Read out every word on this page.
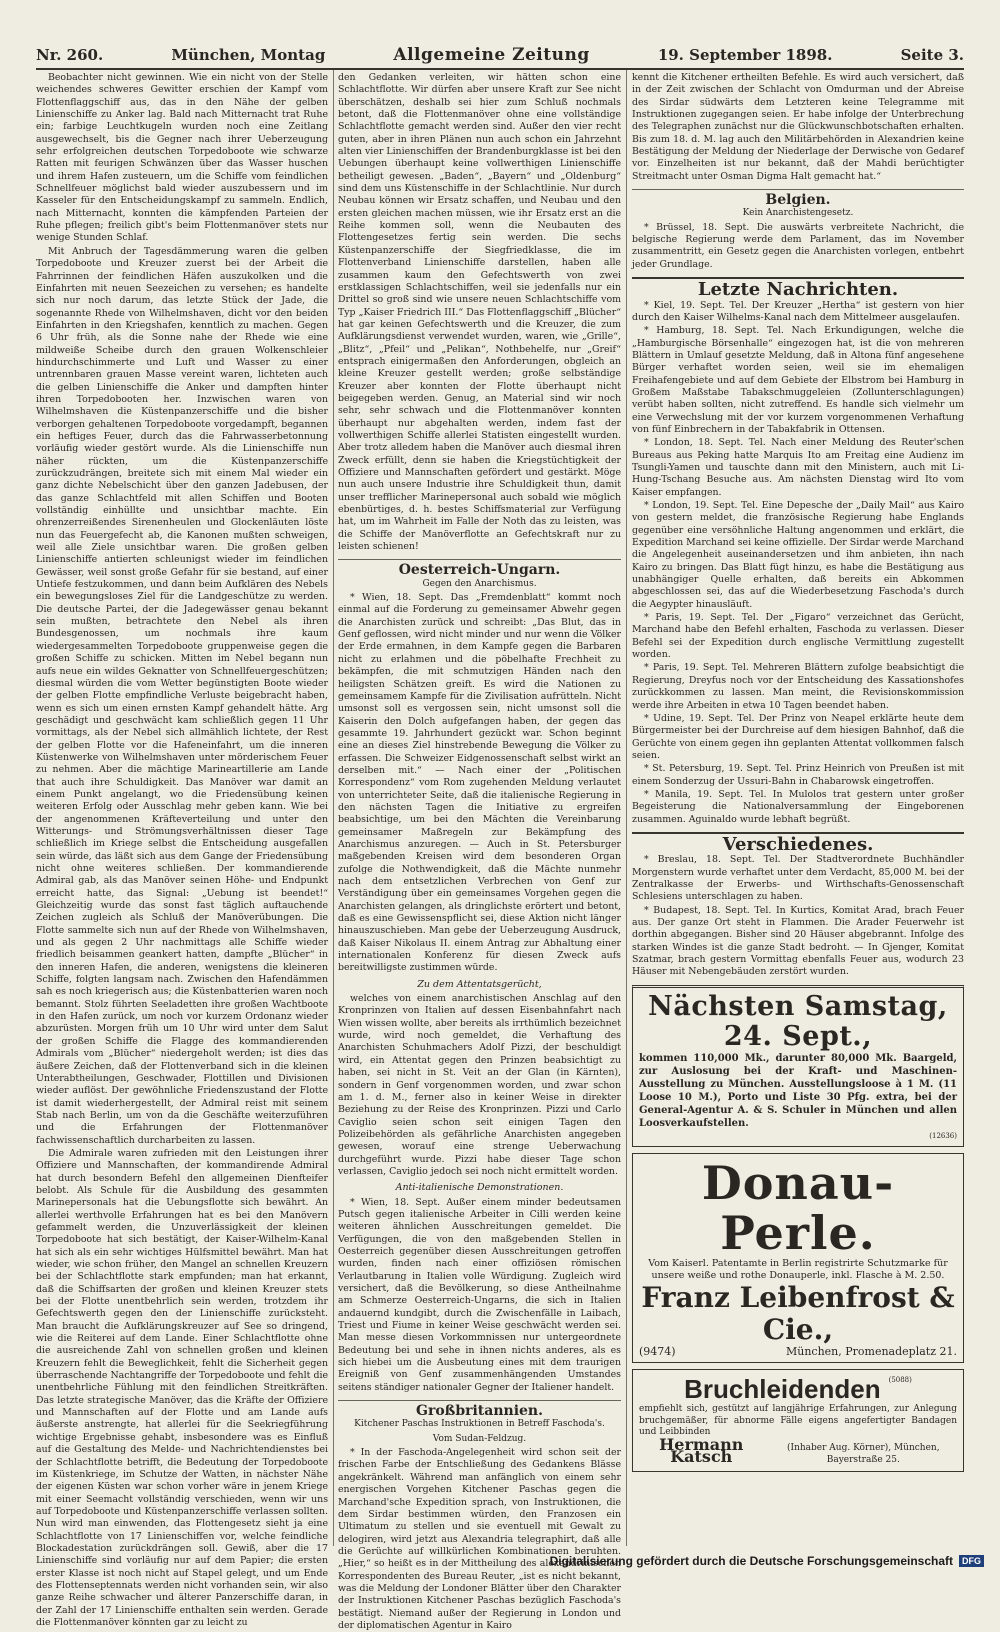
Nr. 260.	München, Montag	Allgemeine Zeitung	19. September 1898.	Seite 3.

Beobachter nicht gewinnen. Wie ein nicht von der Stelle weichendes schweres Gewitter erschien der Kampf vom Flottenflaggschiff aus, das in den Nähe der gelben Linienschiffe zu Anker lag. Bald nach Mitternacht trat Ruhe ein; farbige Leuchtkugeln wurden noch eine Zeitlang ausgewechselt, bis die Gegner nach ihrer Ueberzeugung sehr erfolgreichen deutschen Torpedoboote wie schwarze Ratten mit feurigen Schwänzen über das Wasser huschen und ihrem Hafen zusteuern, um die Schiffe vom feindlichen Schnellfeuer möglichst bald wieder auszubessern und im Kasseler für den Entscheidungskampf zu sammeln. Endlich, nach Mitternacht, konnten die kämpfenden Parteien der Ruhe pflegen; freilich gibt's beim Flottenmanöver stets nur wenige Stunden Schlaf.

Mit Anbruch der Tagesdämmerung waren die gelben Torpedoboote und Kreuzer zuerst bei der Arbeit die Fahrrinnen der feindlichen Häfen auszukolken und die Einfahrten mit neuen Seezeichen zu versehen; es handelte sich nur noch darum, das letzte Stück der Jade, die sogenannte Rhede von Wilhelmshaven, dicht vor den beiden Einfahrten in den Kriegshafen, kenntlich zu machen. Gegen 6 Uhr früh, als die Sonne nahe der Rhede wie eine mildweiße Scheibe durch den grauen Wolkenschleier hindurchschimmerte und Luft und Wasser zu einer untrennbaren grauen Masse vereint waren, lichteten auch die gelben Linienschiffe die Anker und dampften hinter ihren Torpedobooten her. Inzwischen waren von Wilhelmshaven die Küstenpanzerschiffe und die bisher verborgen gehaltenen Torpedoboote vorgedampft, begannen ein heftiges Feuer, durch das die Fahrwasserbetonnung vorläufig wieder gestört wurde. Als die Linienschiffe nun näher rückten, um die Küstenpanzerschiffe zurückzudrängen, breitete sich mit einem Mal wieder ein ganz dichte Nebelschicht über den ganzen Jadebusen, der das ganze Schlachtfeld mit allen Schiffen und Booten vollständig einhüllte und unsichtbar machte. Ein ohrenzerreißendes Sirenenheulen und Glockenläuten löste nun das Feuergefecht ab, die Kanonen mußten schweigen, weil alle Ziele unsichtbar waren. Die großen gelben Linienschiffe antierten schleunigst wieder im feindlichen Gewässer, weil sonst große Gefahr für sie bestand, auf einer Untiefe festzukommen, und dann beim Aufklären des Nebels ein bewegungsloses Ziel für die Landgeschütze zu werden. Die deutsche Partei, der die Jadegewässer genau bekannt sein mußten, betrachtete den Nebel als ihren Bundesgenossen, um nochmals ihre kaum wiedergesammelten Torpedoboote gruppenweise gegen die großen Schiffe zu schicken. Mitten im Nebel begann nun aufs neue ein wildes Geknatter von Schnellfeuergeschützen; diesmal würden die vom Wetter begünstigten Boote wieder der gelben Flotte empfindliche Verluste beigebracht haben, wenn es sich um einen ernsten Kampf gehandelt hätte. Arg geschädigt und geschwächt kam schließlich gegen 11 Uhr vormittags, als der Nebel sich allmählich lichtete, der Rest der gelben Flotte vor die Hafeneinfahrt, um die inneren Küstenwerke von Wilhelmshaven unter mörderischem Feuer zu nehmen. Aber die mächtige Marineartillerie am Lande that auch ihre Schuldigkeit. Das Manöver war damit an einem Punkt angelangt, wo die Friedensübung keinen weiteren Erfolg oder Ausschlag mehr geben kann. Wie bei der angenommenen Kräfteverteilung und unter den Witterungs- und Strömungsverhältnissen dieser Tage schließlich im Kriege selbst die Entscheidung ausgefallen sein würde, das läßt sich aus dem Gange der Friedensübung nicht ohne weiteres schließen. Der kommandierende Admiral gab, als das Manöver seinen Höhe- und Endpunkt erreicht hatte, das Signal: „Uebung ist beendet!“ Gleichzeitig wurde das sonst fast täglich auftauchende Zeichen zugleich als Schluß der Manöverübungen. Die Flotte sammelte sich nun auf der Rhede von Wilhelmshaven, und als gegen 2 Uhr nachmittags alle Schiffe wieder friedlich beisammen geankert hatten, dampfte „Blücher“ in den inneren Hafen, die anderen, wenigstens die kleineren Schiffe, folgten langsam nach. Zwischen den Hafendämmen sah es noch kriegerisch aus; die Küstenbatterien waren noch bemannt. Stolz führten Seeladetten ihre großen Wachtboote in den Hafen zurück, um noch vor kurzem Ordonanz wieder abzurüsten. Morgen früh um 10 Uhr wird unter dem Salut der großen Schiffe die Flagge des kommandierenden Admirals vom „Blücher“ niedergeholt werden; ist dies das äußere Zeichen, daß der Flottenverband sich in die kleinen Unterabtheilungen, Geschwader, Flottillen und Divisionen wieder auflöst. Der gewöhnliche Friedenszustand der Flotte ist damit wiederhergestellt, der Admiral reist mit seinem Stab nach Berlin, um von da die Geschäfte weiterzuführen und die Erfahrungen der Flottenmanöver fachwissenschaftlich durcharbeiten zu lassen.

Die Admirale waren zufrieden mit den Leistungen ihrer Offiziere und Mannschaften, der kommandirende Admiral hat durch besondern Befehl den allgemeinen Dienfteifer belobt. Als Schule für die Ausbildung des gesammten Marinepersonals hat die Uebungsflotte sich bewährt. An allerlei werthvolle Erfahrungen hat es bei den Manövern gefammelt werden, die Unzuverlässigkeit der kleinen Torpedoboote hat sich bestätigt, der Kaiser-Wilhelm-Kanal hat sich als ein sehr wichtiges Hülfsmittel bewährt. Man hat wieder, wie schon früher, den Mangel an schnellen Kreuzern bei der Schlachtflotte stark empfunden; man hat erkannt, daß die Schiffsarten der großen und kleinen Kreuzer stets bei der Flotte unentbehrlich sein werden, trotzdem ihr Gefechtswerth gegen den der Linienschiffe zurücksteht. Man braucht die Aufklärungskreuzer auf See so dringend, wie die Reiterei auf dem Lande. Einer Schlachtflotte ohne die ausreichende Zahl von schnellen großen und kleinen Kreuzern fehlt die Beweglichkeit, fehlt die Sicherheit gegen überraschende Nachtangriffe der Torpedoboote und fehlt die unentbehrliche Fühlung mit den feindlichen Streitkräften. Das letzte strategische Manöver, das die Kräfte der Offiziere und Mannschaften auf der Flotte und am Lande aufs äußerste anstrengte, hat allerlei für die Seekriegführung wichtige Ergebnisse gehabt, insbesondere was es Einfluß auf die Gestaltung des Melde- und Nachrichtendienstes bei der Schlachtflotte betrifft, die Bedeutung der Torpedoboote im Küstenkriege, im Schutze der Watten, in nächster Nähe der eigenen Küsten war schon vorher wäre in jenem Kriege mit einer Seemacht vollständig verschieden, wenn wir uns auf Torpedoboote und Küstenpanzerschiffe verlassen sollten. Nun wird man einwenden, das Flottengesetz sieht ja eine Schlachtflotte von 17 Linienschiffen vor, welche feindliche Blockadestation zurückdrängen soll. Gewiß, aber die 17 Linienschiffe sind vorläufig nur auf dem Papier; die ersten erster Klasse ist noch nicht auf Stapel gelegt, und um Ende des Flottenseptennats werden nicht vorhanden sein, wir also ganze Reihe schwacher und älterer Panzerschiffe daran, in der Zahl der 17 Linienschiffe enthalten sein werden. Gerade die Flottenmanöver könnten gar zu leicht zu

den Gedanken verleiten, wir hätten schon eine Schlachtflotte. Wir dürfen aber unsere Kraft zur See nicht überschätzen, deshalb sei hier zum Schluß nochmals betont, daß die Flottenmanöver ohne eine vollständige Schlachtflotte gemacht werden sind. Außer den vier recht guten, aber in ihren Plänen nun auch schon ein Jahrzehnt alten vier Linienschiffen der Brandenburgklasse ist bei den Uebungen überhaupt keine vollwerthigen Linienschiffe betheiligt gewesen. „Baden“, „Bayern“ und „Oldenburg“ sind dem uns Küstenschiffe in der Schlachtlinie. Nur durch Neubau können wir Ersatz schaffen, und Neubau und den ersten gleichen machen müssen, wie ihr Ersatz erst an die Reihe kommen soll, wenn die Neubauten des Flottengesetzes fertig sein werden. Die sechs Küstenpanzerschiffe der Siegfriedklasse, die im Flottenverband Linienschiffe darstellen, haben alle zusammen kaum den Gefechtswerth von zwei erstklassigen Schlachtschiffen, weil sie jedenfalls nur ein Drittel so groß sind wie unsere neuen Schlachtschiffe vom Typ „Kaiser Friedrich III.“ Das Flottenflaggschiff „Blücher“ hat gar keinen Gefechtswerth und die Kreuzer, die zum Aufklärungsdienst verwendet wurden, waren, wie „Grille“, „Blitz“, „Pfeil“ und „Pelikan“, Nothbehelfe, nur „Greif“ entsprach einigermaßen den Anforderungen, obgleich an kleine Kreuzer gestellt werden; große selbständige Kreuzer aber konnten der Flotte überhaupt nicht beigegeben werden. Genug, an Material sind wir noch sehr, sehr schwach und die Flottenmanöver konnten überhaupt nur abgehalten werden, indem fast der vollwerthigen Schiffe allerlei Statisten eingestellt wurden. Aber trotz alledem haben die Manöver auch diesmal ihren Zweck erfüllt, denn sie haben die Kriegstüchtigkeit der Offiziere und Mannschaften gefördert und gestärkt. Möge nun auch unsere Industrie ihre Schuldigkeit thun, damit unser trefflicher Marinepersonal auch sobald wie möglich ebenbürtiges, d. h. bestes Schiffsmaterial zur Verfügung hat, um im Wahrheit im Falle der Noth das zu leisten, was die Schiffe der Manöverflotte an Gefechtskraft nur zu leisten schienen!

Oesterreich-Ungarn.
Gegen den Anarchismus.

* Wien, 18. Sept. Das „Fremdenblatt“ kommt noch einmal auf die Forderung zu gemeinsamer Abwehr gegen die Anarchisten zurück und schreibt: „Das Blut, das in Genf geflossen, wird nicht minder und nur wenn die Völker der Erde ermahnen, in dem Kampfe gegen die Barbaren nicht zu erlahmen und die pöbelhafte Frechheit zu bekämpfen, die mit schmutzigen Händen nach den heiligsten Schätzen greift. Es wird die Nationen zu gemeinsamem Kampfe für die Zivilisation aufrütteln. Nicht umsonst soll es vergossen sein, nicht umsonst soll die Kaiserin den Dolch aufgefangen haben, der gegen das gesammte 19. Jahrhundert gezückt war. Schon beginnt eine an dieses Ziel hinstrebende Bewegung die Völker zu erfassen. Die Schweizer Eidgenossenschaft selbst wirkt an derselben mit.“ — Nach einer der „Politischen Korrespondenz“ vom Rom zugehenden Meldung verlautet von unterrichteter Seite, daß die italienische Regierung in den nächsten Tagen die Initiative zu ergreifen beabsichtige, um bei den Mächten die Vereinbarung gemeinsamer Maßregeln zur Bekämpfung des Anarchismus anzuregen. — Auch in St. Petersburger maßgebenden Kreisen wird dem besonderen Organ zufolge die Nothwendigkeit, daß die Mächte nunmehr nach dem entsetzlichen Verbrechen von Genf zur Verständigung über ein gemeinsames Vorgehen gegen die Anarchisten gelangen, als dringlichste erörtert und betont, daß es eine Gewissenspflicht sei, diese Aktion nicht länger hinauszuschieben. Man gebe der Ueberzeugung Ausdruck, daß Kaiser Nikolaus II. einem Antrag zur Abhaltung einer internationalen Konferenz für diesen Zweck aufs bereitwilligste zustimmen würde.

Zu dem Attentatsgerücht,

welches von einem anarchistischen Anschlag auf den Kronprinzen von Italien auf dessen Eisenbahnfahrt nach Wien wissen wollte, aber bereits als irrthümlich bezeichnet wurde, wird noch gemeldet, die Verhaftung des Anarchisten Schuhmachers Adolf Pizzi, der beschuldigt wird, ein Attentat gegen den Prinzen beabsichtigt zu haben, sei nicht in St. Veit an der Glan (in Kärnten), sondern in Genf vorgenommen worden, und zwar schon am 1. d. M., ferner also in keiner Weise in direkter Beziehung zu der Reise des Kronprinzen. Pizzi und Carlo Caviglio seien schon seit einigen Tagen den Polizeibehörden als gefährliche Anarchisten angegeben gewesen, worauf eine strenge Ueberwachung durchgeführt wurde. Pizzi habe dieser Tage schon verlassen, Caviglio jedoch sei noch nicht ermittelt worden.

Anti-italienische Demonstrationen.

* Wien, 18. Sept. Außer einem minder bedeutsamen Putsch gegen italienische Arbeiter in Cilli werden keine weiteren ähnlichen Ausschreitungen gemeldet. Die Verfügungen, die von den maßgebenden Stellen in Oesterreich gegenüber diesen Ausschreitungen getroffen wurden, finden nach einer offiziösen römischen Verlautbarung in Italien volle Würdigung. Zugleich wird versichert, daß die Bevölkerung, so diese Antheilnahme am Schmerze Oesterreich-Ungarns, die sich in Italien andauernd kundgibt, durch die Zwischenfälle in Laibach, Triest und Fiume in keiner Weise geschwächt werden sei. Man messe diesen Vorkommnissen nur untergeordnete Bedeutung bei und sehe in ihnen nichts anderes, als es sich hiebei um die Ausbeutung eines mit dem traurigen Ereigniß von Genf zusammenhängenden Umstandes seitens ständiger nationaler Gegner der Italiener handelt.

Großbritannien.
Kitchener Paschas Instruktionen in Betreff Faschoda's.
Vom Sudan-Feldzug.

* In der Faschoda-Angelegenheit wird schon seit der frischen Farbe der Entschließung des Gedankens Blässe angekränkelt. Während man anfänglich von einem sehr energischen Vorgehen Kitchener Paschas gegen die Marchand'sche Expedition sprach, von Instruktionen, die dem Sirdar bestimmen würden, den Franzosen ein Ultimatum zu stellen und sie eventuell mit Gewalt zu delogiren, wird jetzt aus Alexandria telegraphirt, daß alle die Gerüchte auf willkürlichen Kombinationen beruhten. „Hier,“ so heißt es in der Mittheilung des alexandrinischen Korrespondenten des Bureau Reuter, „ist es nicht bekannt, was die Meldung der Londoner Blätter über den Charakter der Instruktionen Kitchener Paschas bezüglich Faschoda's bestätigt. Niemand außer der Regierung in London und der diplomatischen Agentur in Kairo

kennt die Kitchener ertheilten Befehle. Es wird auch versichert, daß in der Zeit zwischen der Schlacht von Omdurman und der Abreise des Sirdar südwärts dem Letzteren keine Telegramme mit Instruktionen zugegangen seien. Er habe infolge der Unterbrechung des Telegraphen zunächst nur die Glückwunschbotschaften erhalten. Bis zum 18. d. M. lag auch den Militärbehörden in Alexandrien keine Bestätigung der Meldung der Niederlage der Derwische von Gedaref vor. Einzelheiten ist nur bekannt, daß der Mahdi berüchtigter Streitmacht unter Osman Digma Halt gemacht hat.“

Belgien.
Kein Anarchistengesetz.

* Brüssel, 18. Sept. Die auswärts verbreitete Nachricht, die belgische Regierung werde dem Parlament, das im November zusammentritt, ein Gesetz gegen die Anarchisten vorlegen, entbehrt jeder Grundlage.

Letzte Nachrichten.

* Kiel, 19. Sept. Tel. Der Kreuzer „Hertha“ ist gestern von hier durch den Kaiser Wilhelms-Kanal nach dem Mittelmeer ausgelaufen.

* Hamburg, 18. Sept. Tel. Nach Erkundigungen, welche die „Hamburgische Börsenhalle“ eingezogen hat, ist die von mehreren Blättern in Umlauf gesetzte Meldung, daß in Altona fünf angesehene Bürger verhaftet worden seien, weil sie im ehemaligen Freihafengebiete und auf dem Gebiete der Elbstrom bei Hamburg in Großem Maßstabe Tabakschmuggeleien (Zollunterschlagungen) verübt haben sollten, nicht zutreffend. Es handle sich vielmehr um eine Verwechslung mit der vor kurzem vorgenommenen Verhaftung von fünf Einbrechern in der Tabakfabrik in Ottensen.

* London, 18. Sept. Tel. Nach einer Meldung des Reuter'schen Bureaus aus Peking hatte Marquis Ito am Freitag eine Audienz im Tsungli-Yamen und tauschte dann mit den Ministern, auch mit Li-Hung-Tschang Besuche aus. Am nächsten Dienstag wird Ito vom Kaiser empfangen.

* London, 19. Sept. Tel. Eine Depesche der „Daily Mail“ aus Kairo von gestern meldet, die französische Regierung habe Englands gegenüber eine versöhnliche Haltung angenommen und erklärt, die Expedition Marchand sei keine offizielle. Der Sirdar werde Marchand die Angelegenheit auseinandersetzen und ihm anbieten, ihn nach Kairo zu bringen. Das Blatt fügt hinzu, es habe die Bestätigung aus unabhängiger Quelle erhalten, daß bereits ein Abkommen abgeschlossen sei, das auf die Wiederbesetzung Faschoda's durch die Aegypter hinausläuft.

* Paris, 19. Sept. Tel. Der „Figaro“ verzeichnet das Gerücht, Marchand habe den Befehl erhalten, Faschoda zu verlassen. Dieser Befehl sei der Expedition durch englische Vermittlung zugestellt worden.

* Paris, 19. Sept. Tel. Mehreren Blättern zufolge beabsichtigt die Regierung, Dreyfus noch vor der Entscheidung des Kassationshofes zurückkommen zu lassen. Man meint, die Revisionskommission werde ihre Arbeiten in etwa 10 Tagen beendet haben.

* Udine, 19. Sept. Tel. Der Prinz von Neapel erklärte heute dem Bürgermeister bei der Durchreise auf dem hiesigen Bahnhof, daß die Gerüchte von einem gegen ihn geplanten Attentat vollkommen falsch seien.

* St. Petersburg, 19. Sept. Tel. Prinz Heinrich von Preußen ist mit einem Sonderzug der Ussuri-Bahn in Chabarowsk eingetroffen.

* Manila, 19. Sept. Tel. In Mulolos trat gestern unter großer Begeisterung die Nationalversammlung der Eingeborenen zusammen. Aguinaldo wurde lebhaft begrüßt.

Verschiedenes.

* Breslau, 18. Sept. Tel. Der Stadtverordnete Buchhändler Morgenstern wurde verhaftet unter dem Verdacht, 85,000 M. bei der Zentralkasse der Erwerbs- und Wirthschafts-Genossenschaft Schlesiens unterschlagen zu haben.

* Budapest, 18. Sept. Tel. In Kurtics, Komitat Arad, brach Feuer aus. Der ganze Ort steht in Flammen. Die Arader Feuerwehr ist dorthin abgegangen. Bisher sind 20 Häuser abgebrannt. Infolge des starken Windes ist die ganze Stadt bedroht. — In Gjenger, Komitat Szatmar, brach gestern Vormittag ebenfalls Feuer aus, wodurch 23 Häuser mit Nebengebäuden zerstört wurden.

Nächsten Samstag, 24. Sept.,
kommen 110,000 Mk., darunter 80,000 Mk. Baargeld, zur Auslosung bei der Kraft- und Maschinen-Ausstellung zu München. Ausstellungsloose à 1 M. (11 Loose 10 M.), Porto und Liste 30 Pfg. extra, bei der General-Agentur A. & S. Schuler in München und allen Loosverkaufstellen.
(12636)
Donau-Perle.
Vom Kaiserl. Patentamte in Berlin registrirte Schutzmarke für unsere weiße und rothe Donauperle, inkl. Flasche à M. 2.50.
Franz Leibenfrost & Cie.,
(9474)	München, Promenadeplatz 21.
Bruchleidenden (5088)
empfiehlt sich, gestützt auf langjährige Erfahrungen, zur Anlegung bruchgemäßer, für abnorme Fälle eigens angefertigter Bandagen und Leibbinden
Hermann Katsch	(Inhaber Aug. Körner), München, Bayerstraße 25.
Digitalisierung gefördert durch die Deutsche Forschungsgemeinschaft	DFG
